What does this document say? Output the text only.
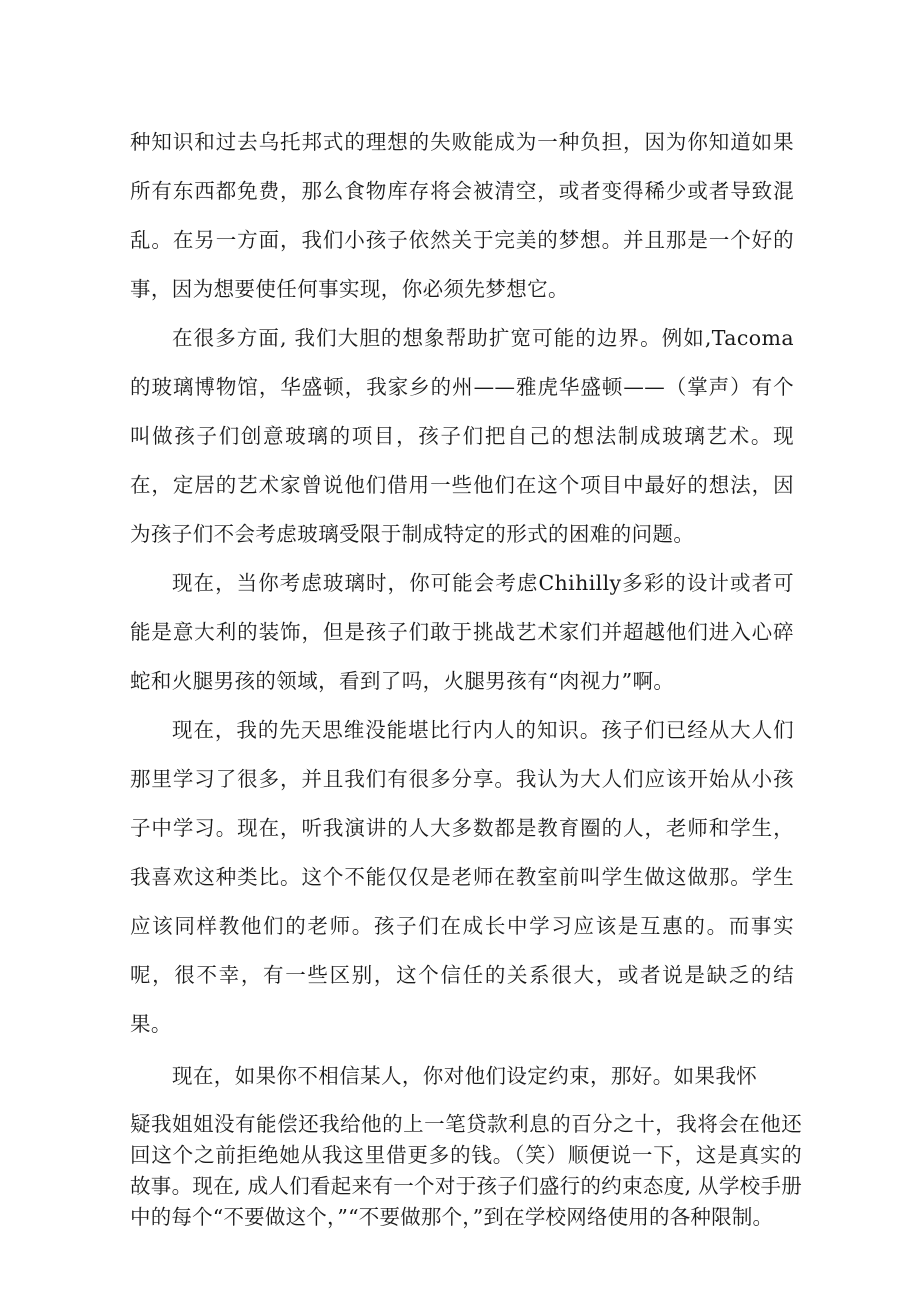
种知识和过去乌托邦式的理想的失败能成为一种负担，因为你知道如果所有东西都免费，那么食物库存将会被清空，或者变得稀少或者导致混乱。在另一方面，我们小孩子依然关于完美的梦想。并且那是一个好的事，因为想要使任何事实现，你必须先梦想它。

在很多方面, 我们大胆的想象帮助扩宽可能的边界。例如,Tacoma的玻璃博物馆，华盛顿，我家乡的州——雅虎华盛顿——（掌声）有个叫做孩子们创意玻璃的项目，孩子们把自己的想法制成玻璃艺术。现在，定居的艺术家曾说他们借用一些他们在这个项目中最好的想法，因为孩子们不会考虑玻璃受限于制成特定的形式的困难的问题。

现在，当你考虑玻璃时，你可能会考虑Chihilly多彩的设计或者可能是意大利的装饰，但是孩子们敢于挑战艺术家们并超越他们进入心碎蛇和火腿男孩的领域，看到了吗，火腿男孩有“肉视力”啊。

现在，我的先天思维没能堪比行内人的知识。孩子们已经从大人们那里学习了很多，并且我们有很多分享。我认为大人们应该开始从小孩子中学习。现在，听我演讲的人大多数都是教育圈的人，老师和学生，我喜欢这种类比。这个不能仅仅是老师在教室前叫学生做这做那。学生应该同样教他们的老师。孩子们在成长中学习应该是互惠的。而事实呢，很不幸，有一些区别，这个信任的关系很大，或者说是缺乏的结果。

现在，如果你不相信某人，你对他们设定约束，那好。如果我怀

疑我姐姐没有能偿还我给他的上一笔贷款利息的百分之十，我将会在他还回这个之前拒绝她从我这里借更多的钱。（笑）顺便说一下，这是真实的故事。现在, 成人们看起来有一个对于孩子们盛行的约束态度, 从学校手册中的每个“不要做这个，”“不要做那个，”到在学校网络使用的各种限制。
